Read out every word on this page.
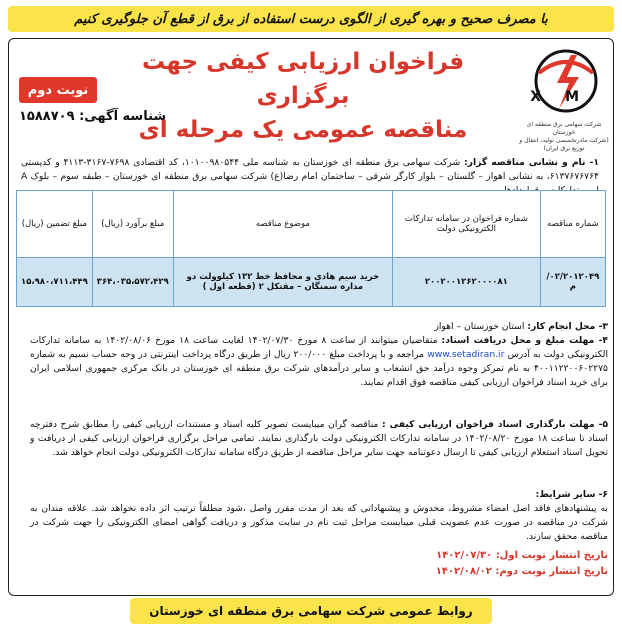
با مصرف صحیح و بهره گیری از الگوی درست استفاده از برق از قطع آن جلوگیری کنیم
X M
شرکت سهامی برق منطقه ای خوزستان
(شرکت مادرتخصصی تولید، انتقال و توزیع برق ایران)
فراخوان ارزیابی کیفی جهت برگزاری
مناقصه عمومی یک مرحله ای
نوبت دوم
شناسه آگهی: ۱۵۸۸۷۰۹
۱- نام و نشانی مناقصه گزار: شرکت سهامی برق منطقه ای خوزستان به شناسه ملی ۱۰۱۰۰۹۸۰۵۴۴، کد اقتصادی ۷۶۹۸-۳۱۶۷-۴۱۱۳ و کدپستی ۶۱۳۷۶۷۶۷۶۴، به نشانی اهواز – گلستان – بلوار کارگر شرقی – ساختمان امام رضا(ع) شرکت سهامی برق منطقه ای خوزستان – طبقه سوم – بلوک A
شماره مناقصه	شماره فراخوان در سامانه تدارکات الکترونیکی دولت	موضوع مناقصه	مبلغ برآورد (ریال)	مبلغ تضمین (ریال)
۰۲/۲۰۱۲۰۴۹/م	۲۰۰۲۰۰۱۲۶۲۰۰۰۰۸۱	خرید سیم هادی و محافظ خط ۱۳۲ کیلوولت دو مداره سمنگان – مقتکل ۲ (قطعه اول )	۳۶۴،۰۳۵،۵۷۲،۴۲۹	۱۵،۹۸۰،۷۱۱،۴۴۹
۳- محل انجام کار: استان خوزستان – اهواز
۴- مهلت مبلغ و محل دریافت اسناد: متقاضیان میتوانند از ساعت ۸ مورخ ۱۴۰۲/۰۷/۳۰ لغایت ساعت ۱۸ مورخ ۱۴۰۲/۰۸/۰۶ به سامانه تدارکات الکترونیکی دولت به آدرس www.setadiran.ir مراجعه و با پرداخت مبلغ ۲۰۰/۰۰۰ ریال از طریق درگاه پرداخت اینترنتی در وجه حساب نسیم به شماره ۴۰۰۱۱۲۲۰۰۶۰۲۲۷۵ به نام تمرکز وجوه درآمد حق انشعاب و سایر درآمدهای شرکت برق منطقه ای خوزستان در بانک مرکزی جمهوری اسلامی ایران برای خرید اسناد فراخوان ارزیابی کیفی مناقصه فوق اقدام نمایند.
۵- مهلت بارگذاری اسناد فراخوان ارزیابی کیفی : مناقصه گران میبایست تصویر کلیه اسناد و مستندات ارزیابی کیفی را مطابق شرح دفترچه اسناد تا ساعت ۱۸ مورخ ۱۴۰۲/۰۸/۲۰ در سامانه تدارکات الکترونیکی دولت بارگذاری نمایند. تمامی مراحل برگزاری فراخوان ارزیابی کیفی از دریافت و تحویل اسناد استعلام ارزیابی کیفی تا ارسال دعوتنامه جهت سایر مراحل مناقصه از طریق درگاه سامانه تدارکات الکترونیکی دولت انجام خواهد شد.
۶- سایر شرایط:
به پیشنهادهای فاقد اصل امضاء مشروط، مخدوش و پیشنهاداتی که بعد از مدت مقرر واصل ،شود مطلقاً ترتیب اثر داده نخواهد شد. علاقه مندان به شرکت در مناقصه در صورت عدم عضویت قبلی میبایست مراحل ثبت نام در سایت مذکور و دریافت گواهی امضای الکترونیکی را جهت شرکت در مناقصه محقق سازند.
تاریخ انتشار نوبت اول: ۱۴۰۲/۰۷/۳۰
تاریخ انتشار نوبت دوم: ۱۴۰۲/۰۸/۰۲
روابط عمومی شرکت سهامی برق منطقه ای خوزستان
